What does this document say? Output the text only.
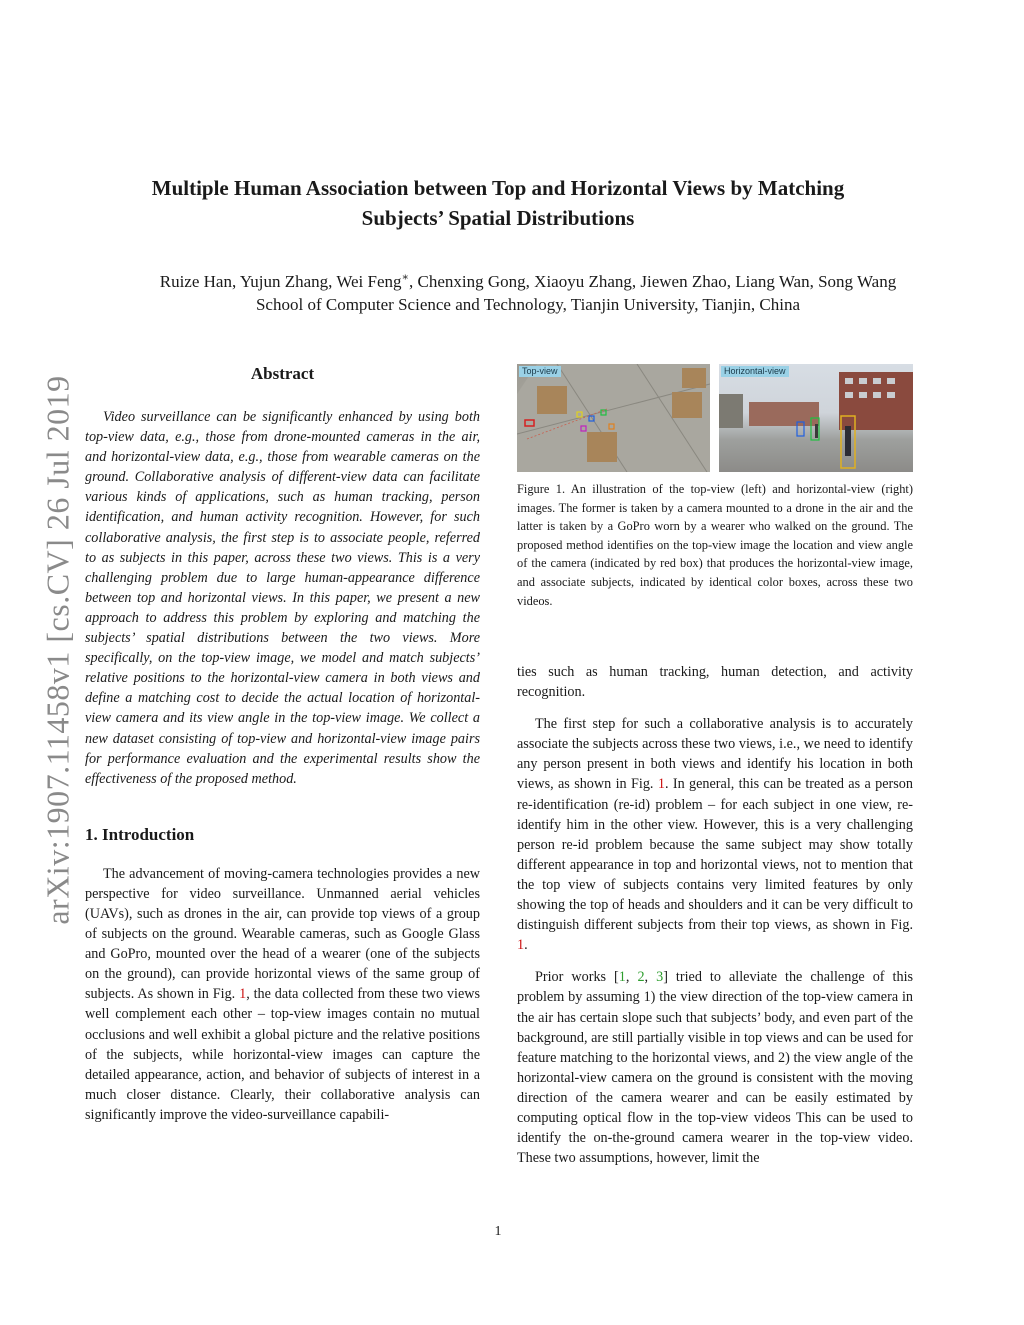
Multiple Human Association between Top and Horizontal Views by Matching
Subjects’ Spatial Distributions
Ruize Han, Yujun Zhang, Wei Feng∗, Chenxing Gong, Xiaoyu Zhang, Jiewen Zhao, Liang Wan, Song Wang
School of Computer Science and Technology, Tianjin University, Tianjin, China
arXiv:1907.11458v1 [cs.CV] 26 Jul 2019
Abstract

Video surveillance can be significantly enhanced by using both top-view data, e.g., those from drone-mounted cameras in the air, and horizontal-view data, e.g., those from wearable cameras on the ground. Collaborative analysis of different-view data can facilitate various kinds of applications, such as human tracking, person identification, and human activity recognition. However, for such collaborative analysis, the first step is to associate people, referred to as subjects in this paper, across these two views. This is a very challenging problem due to large human-appearance difference between top and horizontal views. In this paper, we present a new approach to address this problem by exploring and matching the subjects’ spatial distributions between the two views. More specifically, on the top-view image, we model and match subjects’ relative positions to the horizontal-view camera in both views and define a matching cost to decide the actual location of horizontal-view camera and its view angle in the top-view image. We collect a new dataset consisting of top-view and horizontal-view image pairs for performance evaluation and the experimental results show the effectiveness of the proposed method.

1. Introduction

The advancement of moving-camera technologies provides a new perspective for video surveillance. Unmanned aerial vehicles (UAVs), such as drones in the air, can provide top views of a group of subjects on the ground. Wearable cameras, such as Google Glass and GoPro, mounted over the head of a wearer (one of the subjects on the ground), can provide horizontal views of the same group of subjects. As shown in Fig. 1, the data collected from these two views well complement each other – top-view images contain no mutual occlusions and well exhibit a global picture and the relative positions of the subjects, while horizontal-view images can capture the detailed appearance, action, and behavior of subjects of interest in a much closer distance. Clearly, their collaborative analysis can significantly improve the video-surveillance capabili-

Top-view	Horizontal-view

Figure 1. An illustration of the top-view (left) and horizontal-view (right) images. The former is taken by a camera mounted to a drone in the air and the latter is taken by a GoPro worn by a wearer who walked on the ground. The proposed method identifies on the top-view image the location and view angle of the camera (indicated by red box) that produces the horizontal-view image, and associate subjects, indicated by identical color boxes, across these two videos.

ties such as human tracking, human detection, and activity recognition.

The first step for such a collaborative analysis is to accurately associate the subjects across these two views, i.e., we need to identify any person present in both views and identify his location in both views, as shown in Fig. 1. In general, this can be treated as a person re-identification (re-id) problem – for each subject in one view, re-identify him in the other view. However, this is a very challenging person re-id problem because the same subject may show totally different appearance in top and horizontal views, not to mention that the top view of subjects contains very limited features by only showing the top of heads and shoulders and it can be very difficult to distinguish different subjects from their top views, as shown in Fig. 1.

Prior works [1, 2, 3] tried to alleviate the challenge of this problem by assuming 1) the view direction of the top-view camera in the air has certain slope such that subjects’ body, and even part of the background, are still partially visible in top views and can be used for feature matching to the horizontal views, and 2) the view angle of the horizontal-view camera on the ground is consistent with the moving direction of the camera wearer and can be easily estimated by computing optical flow in the top-view videos This can be used to identify the on-the-ground camera wearer in the top-view video. These two assumptions, however, limit the

1
